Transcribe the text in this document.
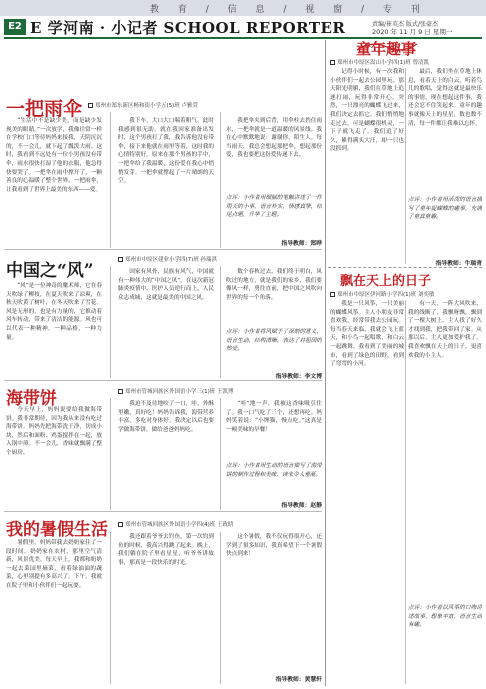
教 育 / 信 息 / 视 窗 / 专 刊
E2 E 学河南 · 小记者 SCHOOL REPORTER	责编/崔英杰 版式/张豪杰
2020 年 11 月 9 日 星期一
一把雨伞	郑州市郑东新区畅和街小学五(5)班 卢雅萱

“生活中不是缺少美，而是缺少发现美的眼睛。”一次放学，我像往常一样在学校门口等待妈妈来接我，天阴沉沉的，不一会儿，就下起了瓢泼大雨。这时，我看到不远处有一位小男孩没有带伞，雨水很快打湿了他的衣服，他急得快要哭了。一把伞在雨中撑开了，一颗善良的心温暖了整个世界。一把雨伞，让我看到了世界上最美的东西——爱。

我下车，大口大口喘着粗气。此时我感到很无助，就在我回家准备出发时，这个男孩打了我，我告诉他没有带伞，接下来他就在雨里等着，这时我的心情特别好。原来在那个男孩的手中，一把伞给了我温暖，这份爱在我心中悄悄发芽。一把伞就撑起了一片晴朗的天空。

我把伞夹到后背，用伞柱去挡住雨水，一把伞就是一道温暖的风景线。我在心中默默地说：谢谢你，陌生人。每当雨天，我总会想起那把伞，想起那份爱，我也要把这份爱传递下去。

点评：小作者用细腻的笔触讲述了一件雨天的小事，语言朴实，情感真挚，结尾点题，升华了主题。
指导教师：郑晔
中国之“风”
郑州市中原区建业小学四(7)班 孙瑞淇

“风”是一位神奇的魔术师，它在春天吹绿了柳枝，在夏天吹来了凉爽，在秋天吹黄了树叶，在冬天吹来了雪花。风是无形的，也是有力量的，它推动着风车转动，带来了清洁的能源。风也可以代表一种精神，一种品格，一种力量。

国家有风骨，民族有风气，中国就有一种伟大的“中国之风”。在这次新冠肺炎疫情中，医护人员逆行而上，人民众志成城，这就是最美的中国之风。

数个春秋过去，我们终于明白，风吹过的地方，就是我们的家乡，我们要像风一样，勇往直前，把中国之风吹向世界的每一个角落。

点评：小作者将风赋予了深刻的意义，语言生动，结构清晰，表达了对祖国的热爱。
指导教师：李文博
海带饼	郑州市管城回族区外国语小学三(1)班 王凯博

今天早上，妈妈说要给我做海带饼。我非常期待，因为我从来没有吃过海带饼。妈妈先把海带洗干净，切成小块，然后和面粉、鸡蛋搅拌在一起，放入锅中煎。不一会儿，香味就飘满了整个厨房。

我迫不及待地咬了一口，哇，外酥里嫩，真好吃！妈妈告诉我，海带营养丰富，多吃对身体好。我决定以后也要学做海带饼，做给爸爸妈妈吃。

“哇”地一声，我被这香味吸引住了。我一口气吃了三个，还想再吃。妈妈笑着说：“小馋猫，慢点吃。”这真是一顿美味的早餐！

点评：小作者用生动的语言描写了海带饼的制作过程和美味，读来令人垂涎。
指导教师：赵静
我的暑假生活	郑州市管城回族区外国语小学四(4)班 王政晗

暑假里，妈妈带我去奶奶家住了一段时间。奶奶家在农村，那里空气清新，风景优美。每天早上，我都和奶奶一起去菜园里摘菜，看着绿油油的蔬菜，心里别提有多高兴了。下午，我就在院子里和小伙伴们一起玩耍。

我还跟着爷爷去钓鱼，第一次钓到鱼的时候，我高兴得跳了起来。晚上，我们躺在院子里看星星，听爷爷讲故事，那真是一段快乐的时光。

这个暑假，我不仅玩得很开心，还学到了很多知识，我真希望下一个暑假快点到来！

指导教师：黄慧轩
童年趣事
郑州市中原区嵩山小学四(1)班 曾清凯

记得小时候，有一次我和小伙伴们一起去公园里玩。那天阳光明媚，我们在草地上追逐打闹，玩得非常开心。突然，一只漂亮的蝴蝶飞过来，我们决定去抓它。我们悄悄地走过去，可是蝴蝶很机灵，一下子就飞走了。我们追了好久，累得满头大汗，却一只也没抓到。

最后，我们坐在草地上休息，看着天上的白云，听着鸟儿的歌唱，觉得这就是最快乐的事情。现在想起这件事，我还会忍不住笑起来。童年的趣事就像天上的星星，数也数不清，每一件都让我难以忘怀。

点评：小作者用活泼的语言描写了童年捉蝴蝶的趣事，充满了童真童趣。
指导教师：牛瑞青
飘在天上的日子
郑州市中原区伊河路小学四(1)班 刘奕敏

我是一只风筝，一只美丽的蝴蝶风筝。主人小朋友非常喜欢我，经常带我去公园玩。每当春天来临，我就会飞上蓝天，和小鸟一起唱歌，和白云一起跳舞。我看到了美丽的城市，看到了绿色的田野，看到了弯弯的小河。

有一天，一阵大风吹来，我的线断了，我飘呀飘，飘到了一棵大树上。主人找了好久才找到我，把我带回了家。从那以后，主人更加爱护我了。我喜欢飘在天上的日子，更喜欢我的小主人。

点评：小作者以风筝的口吻讲述故事，想象丰富，语言生动有趣。
